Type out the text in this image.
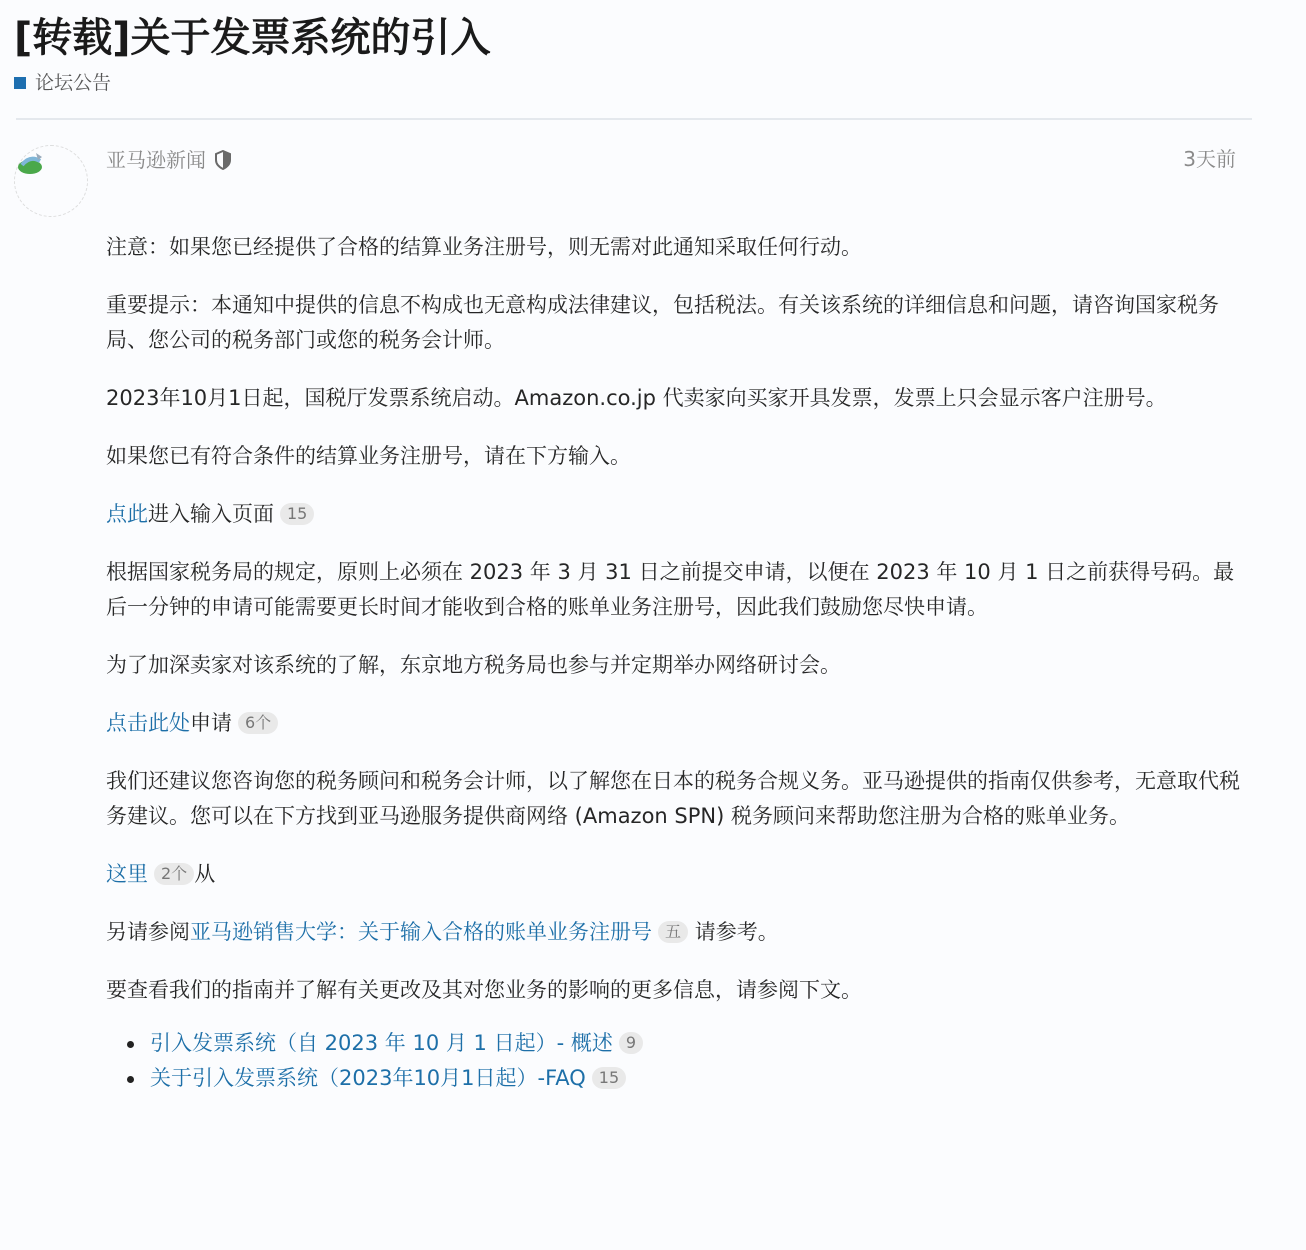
[转载]关于发票系统的引入
论坛公告
亚马逊新闻	3天前

注意：如果您已经提供了合格的结算业务注册号，则无需对此通知采取任何行动。

重要提示：本通知中提供的信息不构成也无意构成法律建议，包括税法。有关该系统的详细信息和问题，请咨询国家税务局、您公司的税务部门或您的税务会计师。

2023年10月1日起，国税厅发票系统启动。Amazon.co.jp 代卖家向买家开具发票，发票上只会显示客户注册号。

如果您已有符合条件的结算业务注册号，请在下方输入。

点此进入输入页面 15

根据国家税务局的规定，原则上必须在 2023 年 3 月 31 日之前提交申请，以便在 2023 年 10 月 1 日之前获得号码。最后一分钟的申请可能需要更长时间才能收到合格的账单业务注册号，因此我们鼓励您尽快申请。

为了加深卖家对该系统的了解，东京地方税务局也参与并定期举办网络研讨会。

点击此处申请 6个

我们还建议您咨询您的税务顾问和税务会计师，以了解您在日本的税务合规义务。亚马逊提供的指南仅供参考，无意取代税务建议。您可以在下方找到亚马逊服务提供商网络 (Amazon SPN) 税务顾问来帮助您注册为合格的账单业务。

这里 2个 从

另请参阅亚马逊销售大学：关于输入合格的账单业务注册号 五 请参考。

要查看我们的指南并了解有关更改及其对您业务的影响的更多信息，请参阅下文。

引入发票系统（自 2023 年 10 月 1 日起）- 概述 9
关于引入发票系统（2023年10月1日起）-FAQ 15
